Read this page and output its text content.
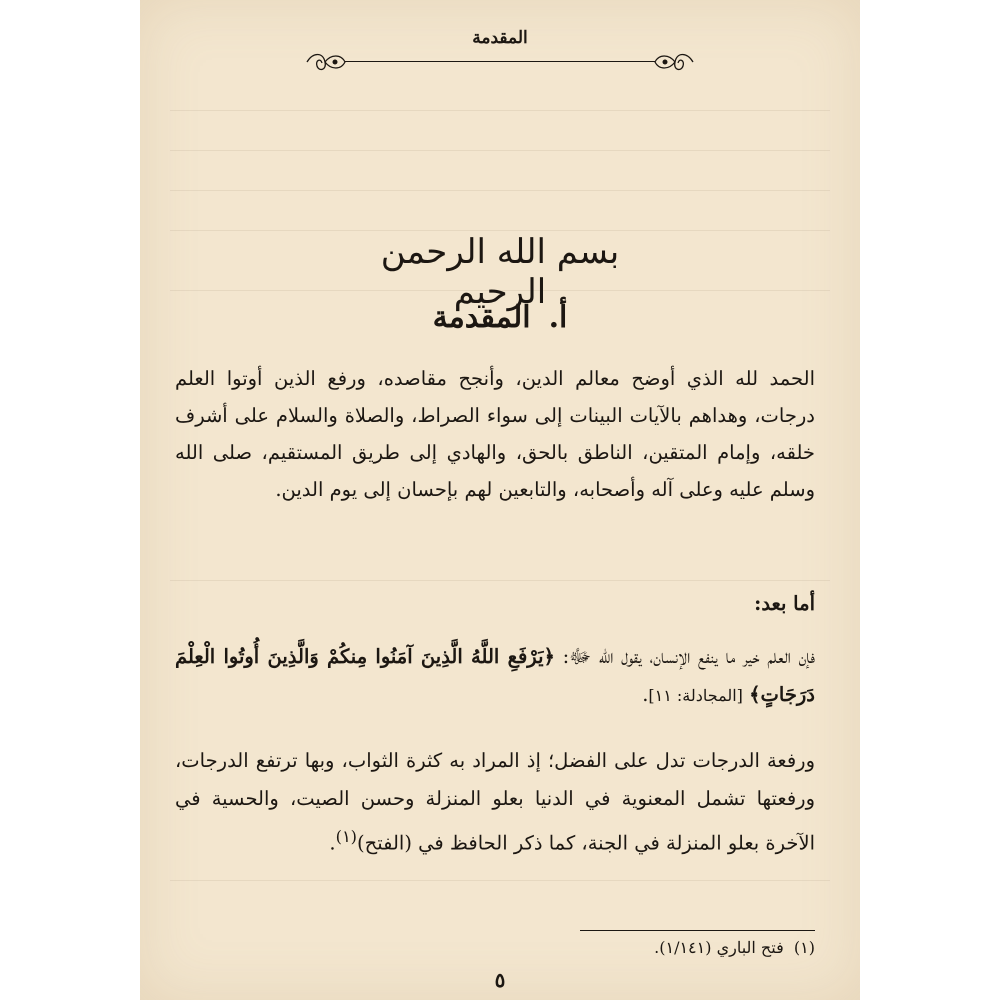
المقدمة
بسم الله الرحمن الرحيم
أ.المقدمة

الحمد لله الذي أوضح معالم الدين، وأنجح مقاصده، ورفع الذين أوتوا العلم درجات، وهداهم بالآيات البينات إلى سواء الصراط، والصلاة والسلام على أشرف خلقه، وإمام المتقين، الناطق بالحق، والهادي إلى طريق المستقيم، صلى الله وسلم عليه وعلى آله وأصحابه، والتابعين لهم بإحسان إلى يوم الدين.

أما بعد:
فإن العلم خير ما ينفع الإنسان، يقول الله ﷻ: ﴿يَرْفَعِ اللَّهُ الَّذِينَ آمَنُوا مِنكُمْ وَالَّذِينَ أُوتُوا الْعِلْمَ دَرَجَاتٍ﴾ [المجادلة: ١١].
ورفعة الدرجات تدل على الفضل؛ إذ المراد به كثرة الثواب، وبها ترتفع الدرجات، ورفعتها تشمل المعنوية في الدنيا بعلو المنزلة وحسن الصيت، والحسية في الآخرة بعلو المنزلة في الجنة، كما ذكر الحافظ في (الفتح)$^{(١)}$.
(١)  فتح الباري (١/١٤١).
٥
